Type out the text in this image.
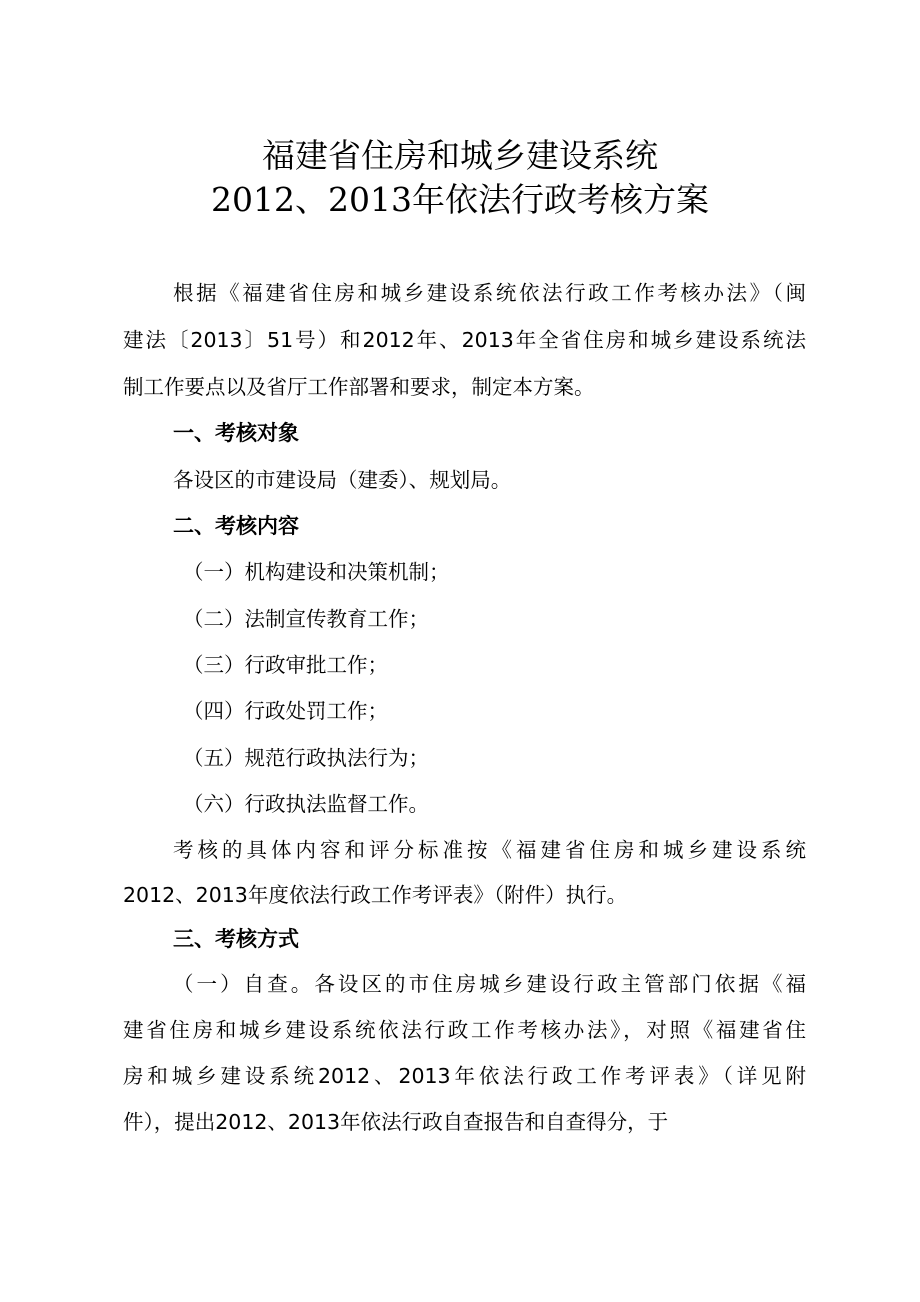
福建省住房和城乡建设系统
2012、2013年依法行政考核方案
根据《福建省住房和城乡建设系统依法行政工作考核办法》（闽
建法〔2013〕51号）和2012年、2013年全省住房和城乡建设系统法
制工作要点以及省厅工作部署和要求，制定本方案。
一、考核对象
各设区的市建设局（建委）、规划局。
二、考核内容
（一）机构建设和决策机制；
（二）法制宣传教育工作；
（三）行政审批工作；
（四）行政处罚工作；
（五）规范行政执法行为；
（六）行政执法监督工作。
考核的具体内容和评分标准按《福建省住房和城乡建设系统
2012、2013年度依法行政工作考评表》（附件）执行。
三、考核方式
（一）自查。各设区的市住房城乡建设行政主管部门依据《福
建省住房和城乡建设系统依法行政工作考核办法》，对照《福建省住
房和城乡建设系统2012、2013年依法行政工作考评表》（详见附
件），提出2012、2013年依法行政自查报告和自查得分，于
